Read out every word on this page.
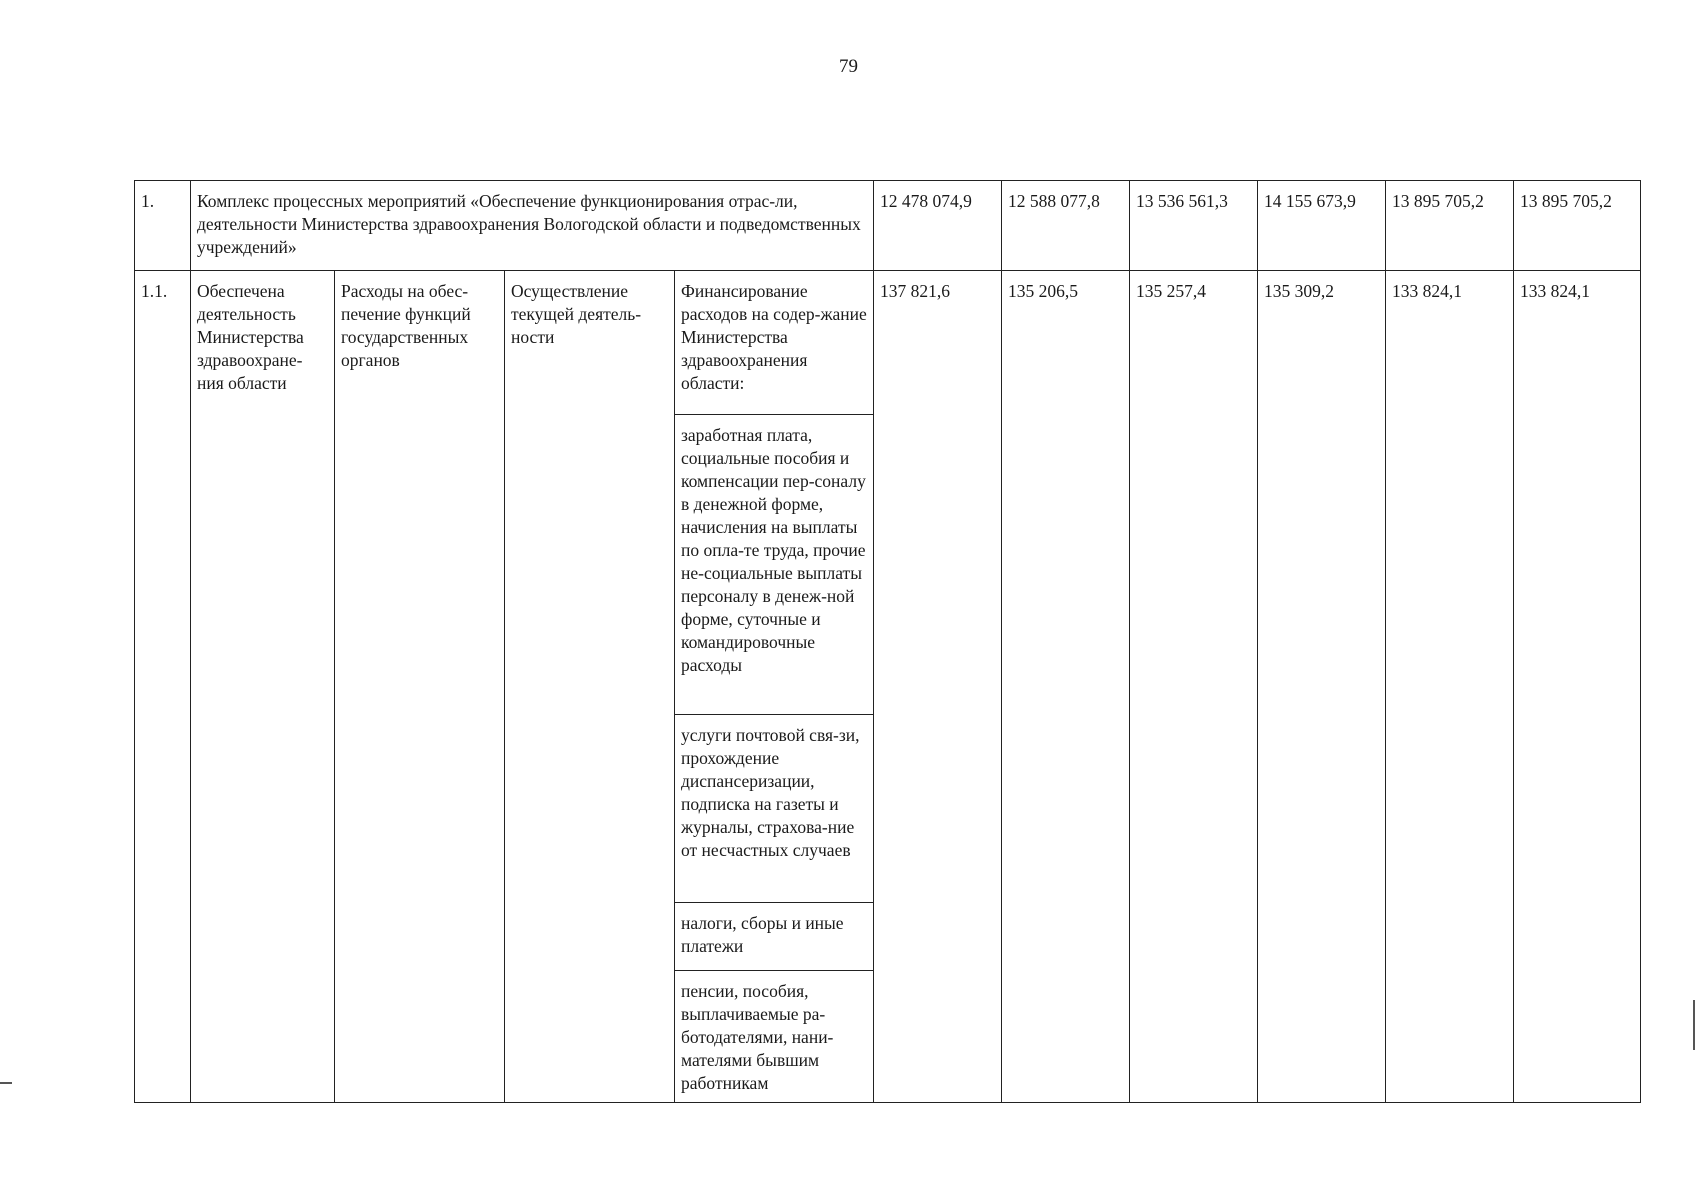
79
1.	Комплекс процессных мероприятий «Обеспечение функционирования отрас-ли, деятельности Министерства здравоохранения Вологодской области и подведомственных учреждений»				12 478 074,9	12 588 077,8	13 536 561,3	14 155 673,9	13 895 705,2	13 895 705,2
1.1.	Обеспечена деятельность Министерства здравоохране-ния области	Расходы на обес-печение функций государственных органов	Осуществление текущей деятель-ности	Финансирование расходов на содер-жание Министерства здравоохранения области:	137 821,6	135 206,5	135 257,4	135 309,2	133 824,1	133 824,1
				заработная плата, социальные пособия и компенсации пер-соналу в денежной форме, начисления на выплаты по опла-те труда, прочие не-социальные выплаты персоналу в денеж-ной форме, суточные и командировочные расходы						
				услуги почтовой свя-зи, прохождение диспансеризации, подписка на газеты и журналы, страхова-ние от несчастных случаев						
				налоги, сборы и иные платежи						
				пенсии, пособия, выплачиваемые ра-ботодателями, нани-мателями бывшим работникам						
